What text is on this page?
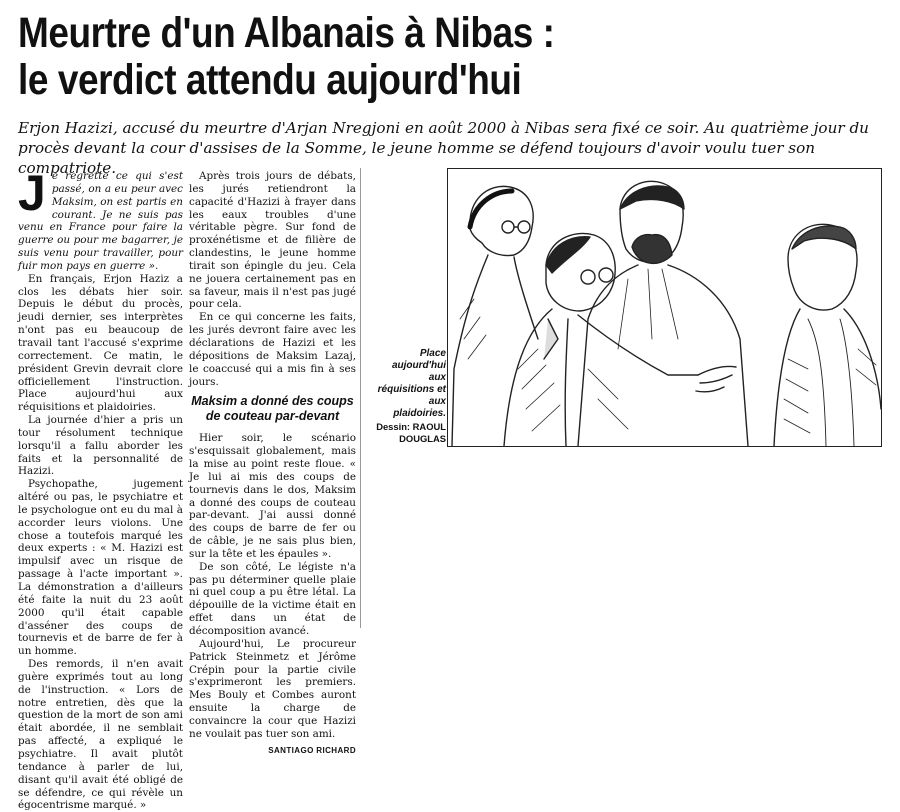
Meurtre d'un Albanais à Nibas :
le verdict attendu aujourd'hui

Erjon Hazizi, accusé du meurtre d'Arjan Nregjoni en août 2000 à Nibas sera fixé ce soir. Au quatrième jour du procès devant la cour d'assises de la Somme, le jeune homme se défend toujours d'avoir voulu tuer son compatriote.

J e regrette ce qui s'est passé, on a eu peur avec Maksim, on est partis en courant. Je ne suis pas venu en France pour faire la guerre ou pour me bagarrer, je suis venu pour travailler, pour fuir mon pays en guerre ».

En français, Erjon Haziz a clos les débats hier soir. Depuis le début du procès, jeudi dernier, ses interprètes n'ont pas eu beaucoup de travail tant l'accusé s'exprime correctement. Ce matin, le président Grevin devrait clore officiellement l'instruction. Place aujourd'hui aux réquisitions et plaidoiries.

La journée d'hier a pris un tour résolument technique lorsqu'il a fallu aborder les faits et la personnalité de Hazizi.

Psychopathe, jugement altéré ou pas, le psychiatre et le psychologue ont eu du mal à accorder leurs violons. Une chose a toutefois marqué les deux experts : « M. Hazizi est impulsif avec un risque de passage à l'acte important ». La démonstration a d'ailleurs été faite la nuit du 23 août 2000 qu'il était capable d'asséner des coups de tournevis et de barre de fer à un homme.

Des remords, il n'en avait guère exprimés tout au long de l'instruction. « Lors de notre entretien, dès que la question de la mort de son ami était abordée, il ne semblait pas affecté, a expliqué le psychiatre. Il avait plutôt tendance à parler de lui, disant qu'il avait été obligé de se défendre, ce qui révèle un égocentrisme marqué. »

Après trois jours de débats, les jurés retiendront la capacité d'Hazizi à frayer dans les eaux troubles d'une véritable pègre. Sur fond de proxénétisme et de filière de clandestins, le jeune homme tirait son épingle du jeu. Cela ne jouera certainement pas en sa faveur, mais il n'est pas jugé pour cela.

En ce qui concerne les faits, les jurés devront faire avec les déclarations de Hazizi et les dépositions de Maksim Lazaj, le coaccusé qui a mis fin à ses jours.

Maksim a donné des coups de couteau par-devant

Hier soir, le scénario s'esquissait globalement, mais la mise au point reste floue. « Je lui ai mis des coups de tournevis dans le dos, Maksim a donné des coups de couteau par-devant. J'ai aussi donné des coups de barre de fer ou de câble, je ne sais plus bien, sur la tête et les épaules ».

De son côté, Le légiste n'a pas pu déterminer quelle plaie ni quel coup a pu être létal. La dépouille de la victime était en effet dans un état de décomposition avancé.

Aujourd'hui, Le procureur Patrick Steinmetz et Jérôme Crépin pour la partie civile s'exprimeront les premiers. Mes Bouly et Combes auront ensuite la charge de convaincre la cour que Hazizi ne voulait pas tuer son ami.

SANTIAGO RICHARD
Place aujourd'hui aux réquisitions et aux plaidoiries.
Dessin: RAOUL DOUGLAS
